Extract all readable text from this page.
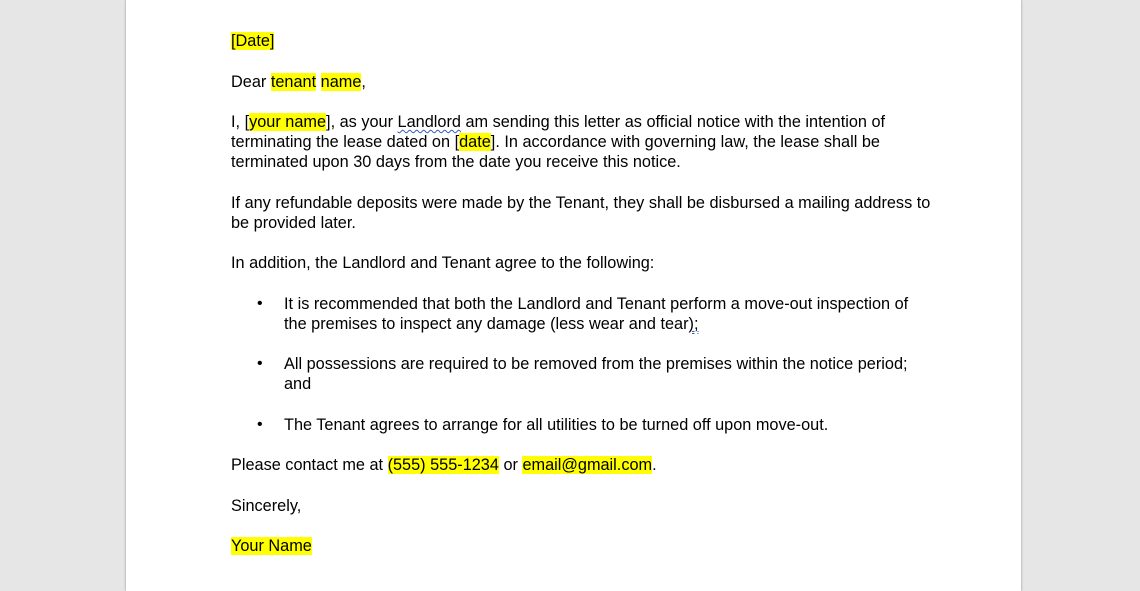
[Date]

Dear tenant name,

I, [your name], as your Landlord am sending this letter as official notice with the intention of terminating the lease dated on [date]. In accordance with governing law, the lease shall be terminated upon 30 days from the date you receive this notice.

If any refundable deposits were made by the Tenant, they shall be disbursed a mailing address to be provided later.

In addition, the Landlord and Tenant agree to the following:

• It is recommended that both the Landlord and Tenant perform a move-out inspection of the premises to inspect any damage (less wear and tear);
• All possessions are required to be removed from the premises within the notice period; and
• The Tenant agrees to arrange for all utilities to be turned off upon move-out.

Please contact me at (555) 555-1234 or email@gmail.com.

Sincerely,

Your Name
